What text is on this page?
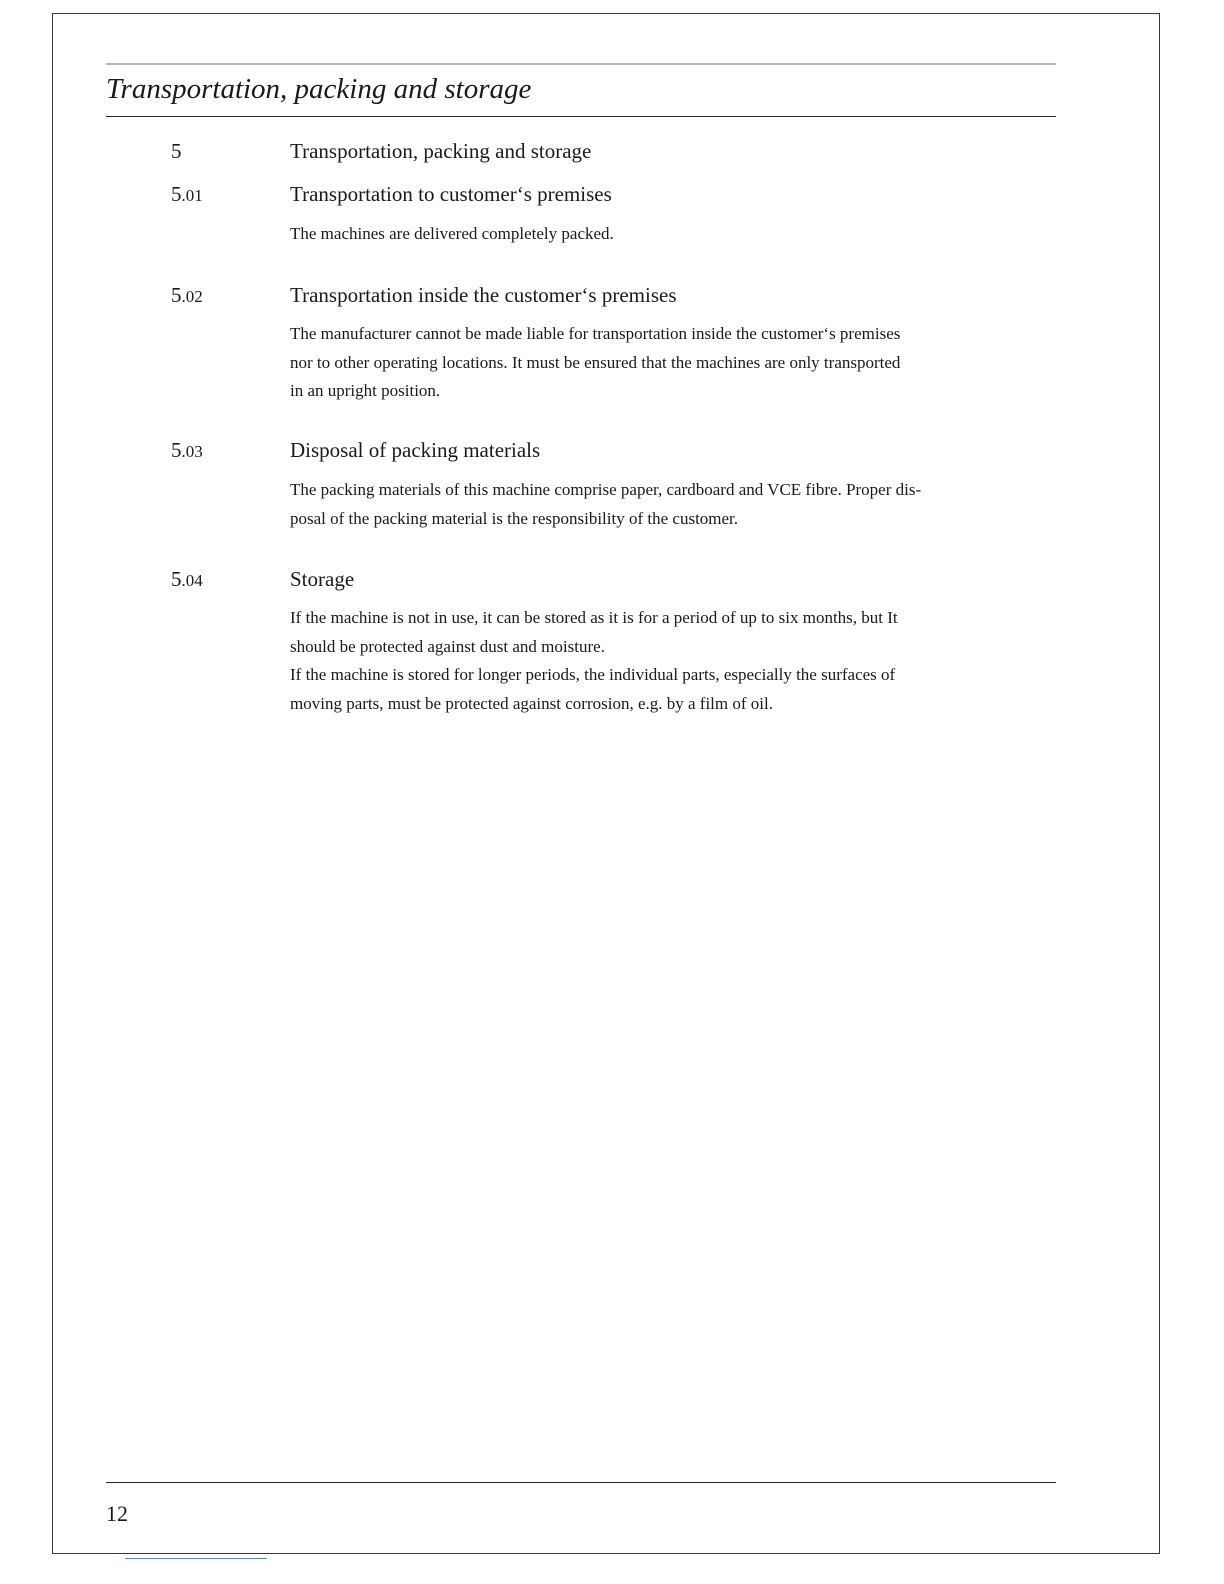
Transportation, packing and storage
5	Transportation, packing and storage
5.01	Transportation to customer‘s premises
The machines are delivered completely packed.
5.02	Transportation inside the customer‘s premises
The manufacturer cannot be made liable for transportation inside the customer‘s premises
nor to other operating locations. It must be ensured that the machines are only transported
in an upright position.
5.03	Disposal of packing materials
The packing materials of this machine comprise paper, cardboard and VCE fibre. Proper dis-
posal of the packing material is the responsibility of the customer.
5.04	Storage
If the machine is not in use, it can be stored as it is for a period of up to six months, but It
should be protected against dust and moisture.
If the machine is stored for longer periods, the individual parts, especially the surfaces of
moving parts, must be protected against corrosion, e.g. by a film of oil.
12
